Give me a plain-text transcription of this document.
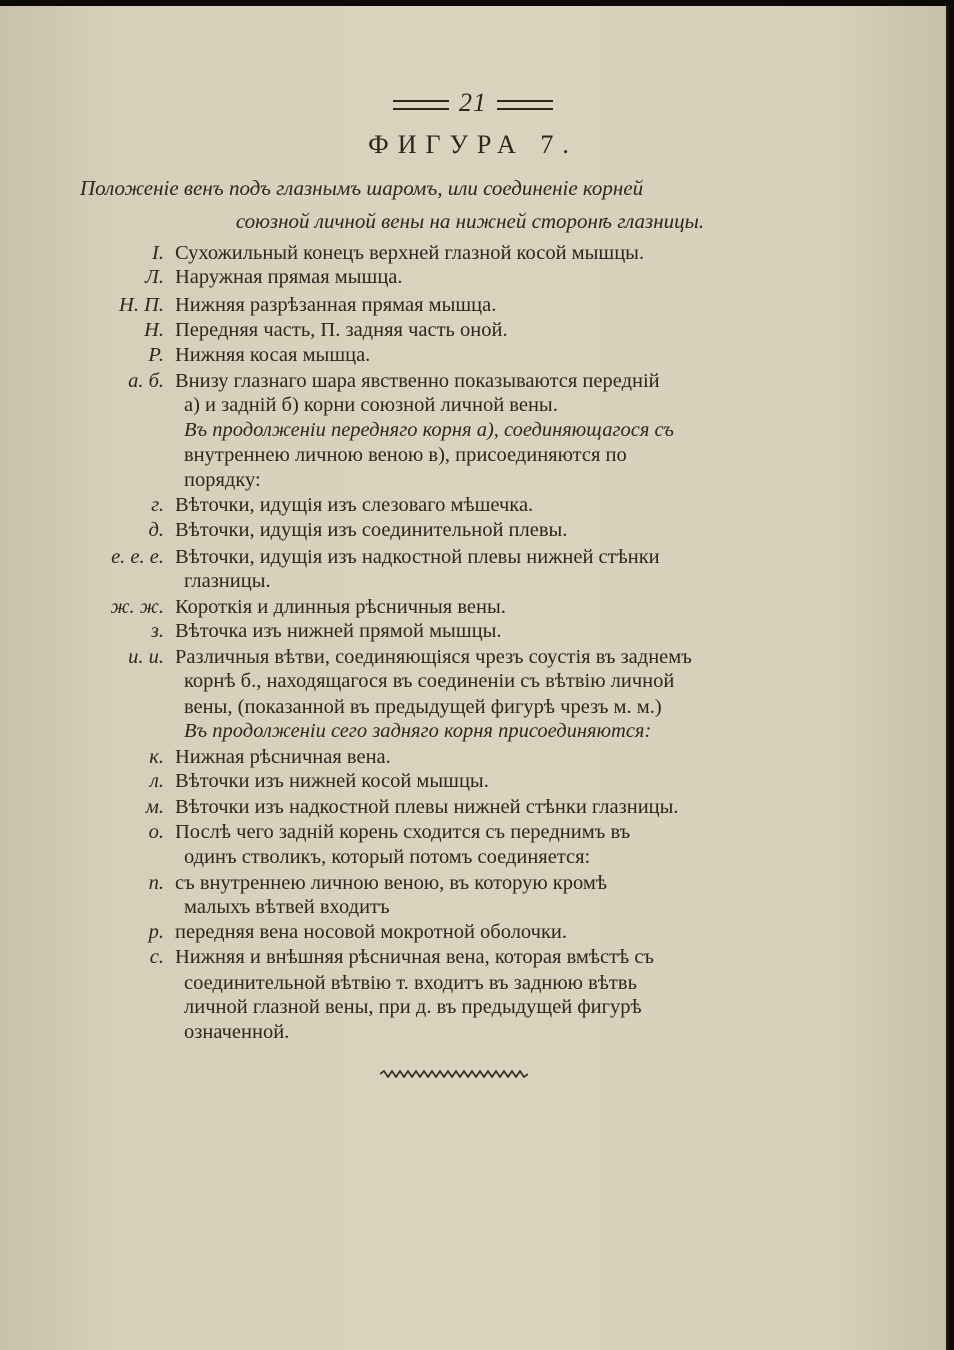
21
ФИГУРА 7.
Положеніе венъ подъ глазнымъ шаромъ, или соединеніе корней
союзной личной вены на нижней сторонѣ глазницы.
I. Сухожильный конецъ верхней глазной косой мышцы.
Л. Наружная прямая мышца.
Н. П. Нижняя разрѣзанная прямая мышца.
Н. Передняя часть, П. задняя часть оной.
Р. Нижняя косая мышца.
а. б. Внизу глазнаго шара явственно показываются передній
а) и задній б) корни союзной личной вены.
Въ продолженіи передняго корня а), соединяющагося съ
внутреннею личною веною в), присоединяются по
порядку:
г. Вѣточки, идущія изъ слезоваго мѣшечка.
д. Вѣточки, идущія изъ соединительной плевы.
е. е. е. Вѣточки, идущія изъ надкостной плевы нижней стѣнки
глазницы.
ж. ж. Короткія и длинныя рѣсничныя вены.
з. Вѣточка изъ нижней прямой мышцы.
и. и. Различныя вѣтви, соединяющіяся чрезъ соустія въ заднемъ
корнѣ б., находящагося въ соединеніи съ вѣтвію личной
вены, (показанной въ предыдущей фигурѣ чрезъ м. м.)
Въ продолженіи сего задняго корня присоединяются:
к. Нижная рѣсничная вена.
л. Вѣточки изъ нижней косой мышцы.
м. Вѣточки изъ надкостной плевы нижней стѣнки глазницы.
о. Послѣ чего задній корень сходится съ переднимъ въ
одинъ стволикъ, который потомъ соединяется:
п. съ внутреннею личною веною, въ которую кромѣ
малыхъ вѣтвей входитъ
р. передняя вена носовой мокротной оболочки.
с. Нижняя и внѣшняя рѣсничная вена, которая вмѣстѣ съ
соединительной вѣтвію т. входитъ въ заднюю вѣтвь
личной глазной вены, при д. въ предыдущей фигурѣ
означенной.
